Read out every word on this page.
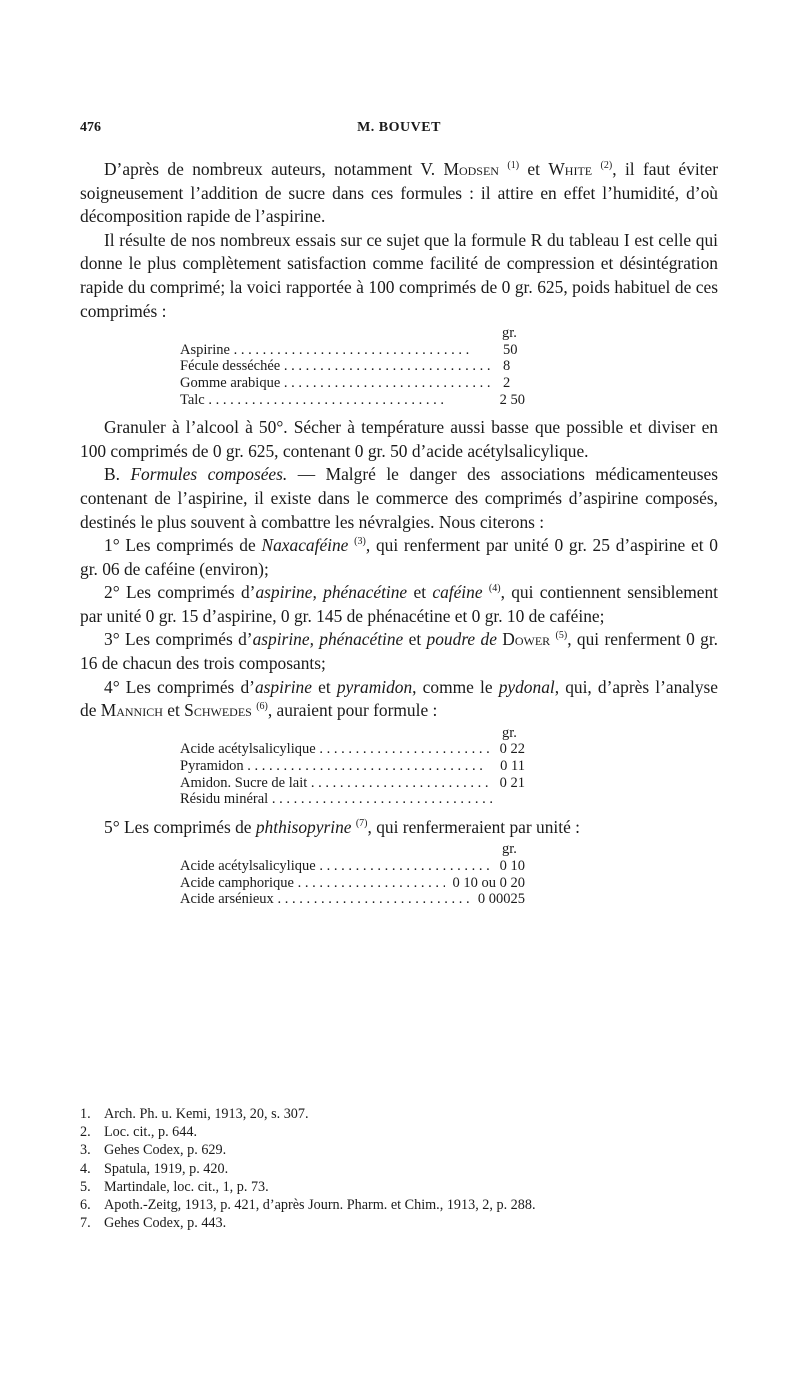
476	M. BOUVET

D’après de nombreux auteurs, notamment V. Modsen $^{(1)}$ et White $^{(2)}$, il faut éviter soigneusement l’addition de sucre dans ces formules : il attire en effet l’humidité, d’où décomposition rapide de l’aspirine.

Il résulte de nos nombreux essais sur ce sujet que la formule R du tableau I est celle qui donne le plus complètement satisfaction comme facilité de compression et désintégration rapide du comprimé; la voici rapportée à 100 comprimés de 0 gr. 625, poids habituel de ces comprimés :

gr.
Aspirine . . .	50
Fécule desséchée . . .	8
Gomme arabique . . .	2
Talc . . .	2 50

Granuler à l’alcool à 50°. Sécher à température aussi basse que possible et diviser en 100 comprimés de 0 gr. 625, contenant 0 gr. 50 d’acide acétylsalicylique.

B. Formules composées. — Malgré le danger des associations médicamenteuses contenant de l’aspirine, il existe dans le commerce des comprimés d’aspirine composés, destinés le plus souvent à combattre les névralgies. Nous citerons :

1° Les comprimés de Naxacaféine $^{(3)}$, qui renferment par unité 0 gr. 25 d’aspirine et 0 gr. 06 de caféine (environ);

2° Les comprimés d’aspirine, phénacétine et caféine $^{(4)}$, qui contiennent sensiblement par unité 0 gr. 15 d’aspirine, 0 gr. 145 de phénacétine et 0 gr. 10 de caféine;

3° Les comprimés d’aspirine, phénacétine et poudre de Dower $^{(5)}$, qui renferment 0 gr. 16 de chacun des trois composants;

4° Les comprimés d’aspirine et pyramidon, comme le pydonal, qui, d’après l’analyse de Mannich et Schwedes $^{(6)}$, auraient pour formule :

gr.
Acide acétylsalicylique . . .	0 22
Pyramidon . . .	0 11
Amidon. Sucre de lait . . .	0 21
Résidu minéral . . .

5° Les comprimés de phthisopyrine $^{(7)}$, qui renfermeraient par unité :

gr.
Acide acétylsalicylique . . .	0 10
Acide camphorique . . .	0 10 ou 0 20
Acide arsénieux . . .	0 00025
1. Arch. Ph. u. Kemi, 1913, 20, s. 307.
2. Loc. cit., p. 644.
3. Gehes Codex, p. 629.
4. Spatula, 1919, p. 420.
5. Martindale, loc. cit., 1, p. 73.
6. Apoth.-Zeitg, 1913, p. 421, d’après Journ. Pharm. et Chim., 1913, 2, p. 288.
7. Gehes Codex, p. 443.
